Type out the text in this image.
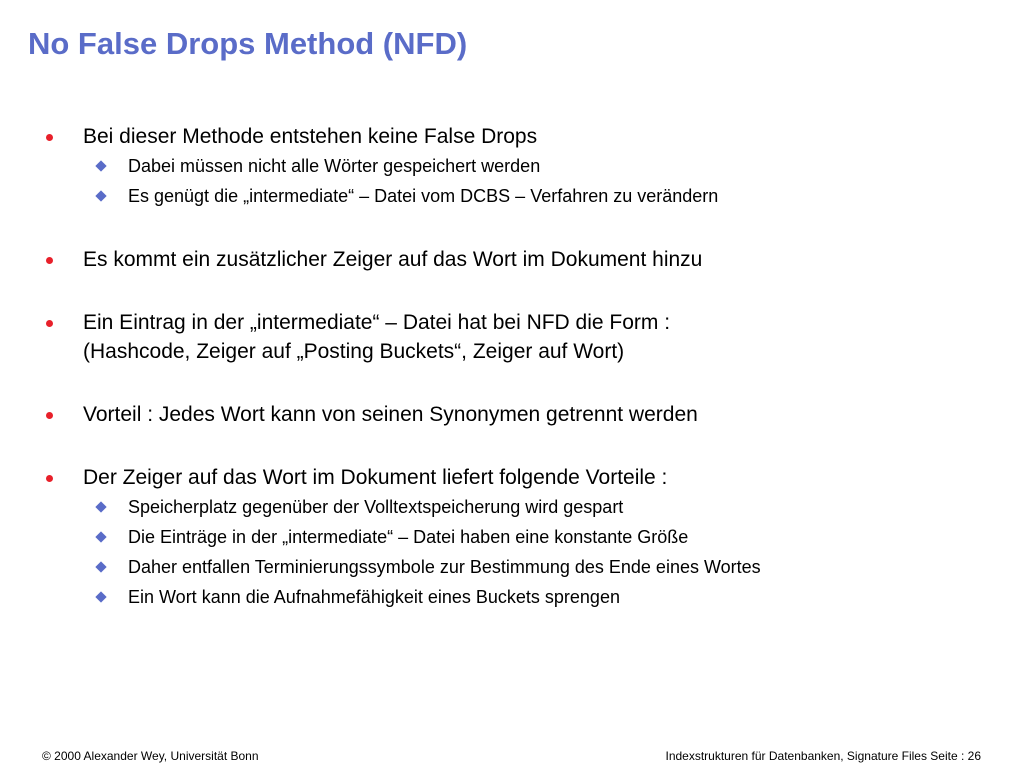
No False Drops Method (NFD)
Bei dieser Methode entstehen keine False Drops
Dabei müssen nicht alle Wörter gespeichert werden
Es genügt die „intermediate“ – Datei vom DCBS – Verfahren zu verändern
Es kommt ein zusätzlicher Zeiger auf das Wort im Dokument hinzu
Ein Eintrag in der „intermediate“ – Datei hat bei NFD die Form :
(Hashcode, Zeiger auf „Posting Buckets“, Zeiger auf Wort)
Vorteil : Jedes Wort kann von seinen Synonymen getrennt werden
Der Zeiger auf das Wort im Dokument liefert folgende Vorteile :
Speicherplatz gegenüber der Volltextspeicherung wird gespart
Die Einträge in der „intermediate“ – Datei haben eine konstante Größe
Daher entfallen Terminierungssymbole zur Bestimmung des Ende eines Wortes
Ein Wort kann die Aufnahmefähigkeit eines Buckets sprengen
© 2000 Alexander Wey, Universität Bonn	Indexstrukturen für Datenbanken, Signature Files Seite : 26
